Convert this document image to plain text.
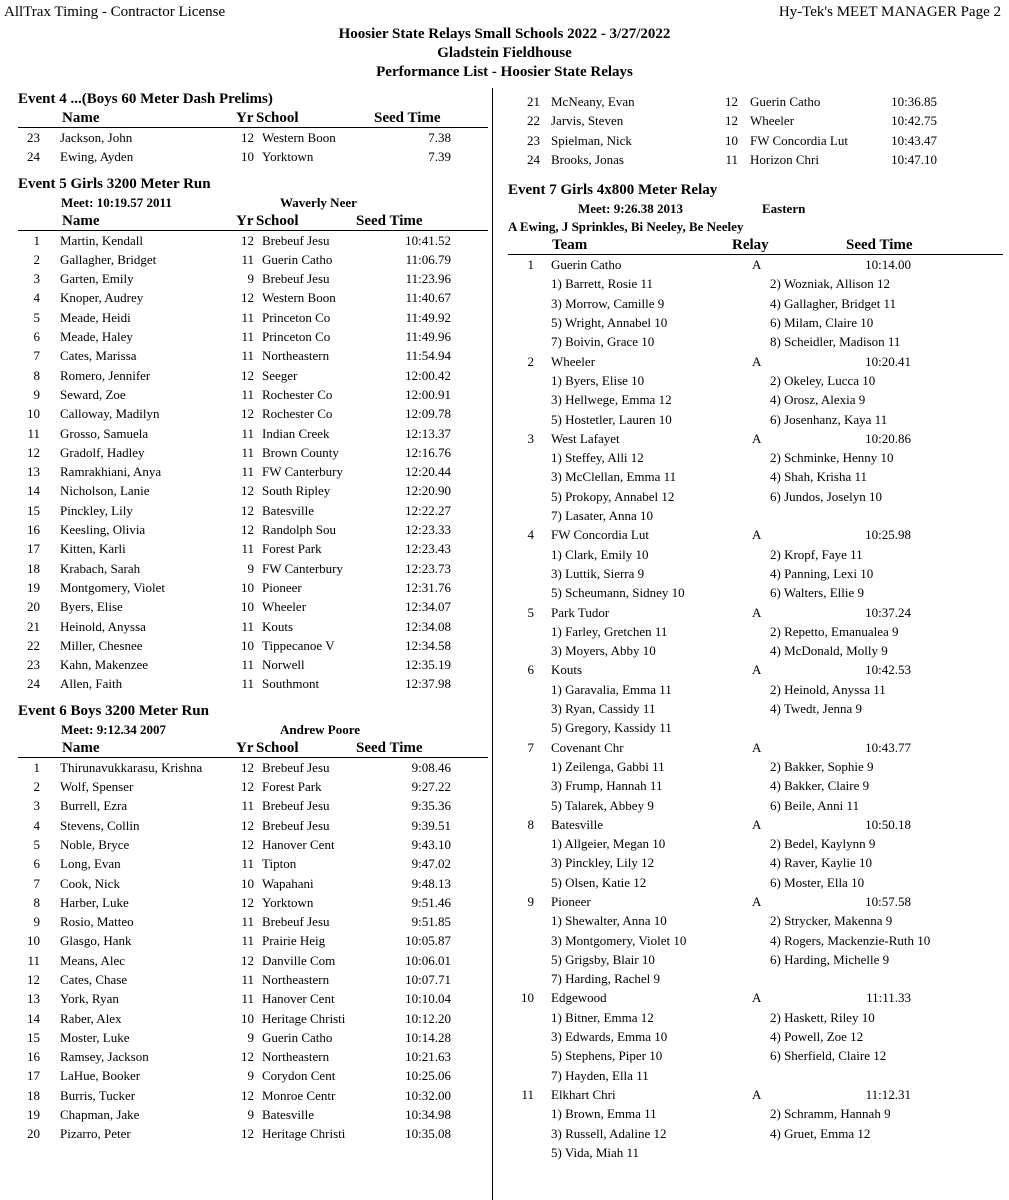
AllTrax Timing - Contractor License	Hy-Tek's MEET MANAGER Page 2
Hoosier State Relays Small Schools 2022 - 3/27/2022
Gladstein Fieldhouse
Performance List - Hoosier State Relays
Event 4 ...(Boys 60 Meter Dash Prelims)
Name	Yr School	Seed Time
23 Jackson, John	12 Western Boon	7.38
24 Ewing, Ayden	10 Yorktown	7.39
Event 5 Girls 3200 Meter Run
Meet: 10:19.57 2011	Waverly Neer
Name	Yr School	Seed Time
1 Martin, Kendall	12 Brebeuf Jesu	10:41.52
2 Gallagher, Bridget	11 Guerin Catho	11:06.79
3 Garten, Emily	9 Brebeuf Jesu	11:23.96
4 Knoper, Audrey	12 Western Boon	11:40.67
5 Meade, Heidi	11 Princeton Co	11:49.92
6 Meade, Haley	11 Princeton Co	11:49.96
7 Cates, Marissa	11 Northeastern	11:54.94
8 Romero, Jennifer	12 Seeger	12:00.42
9 Seward, Zoe	11 Rochester Co	12:00.91
10 Calloway, Madilyn	12 Rochester Co	12:09.78
11 Grosso, Samuela	11 Indian Creek	12:13.37
12 Gradolf, Hadley	11 Brown County	12:16.76
13 Ramrakhiani, Anya	11 FW Canterbury	12:20.44
14 Nicholson, Lanie	12 South Ripley	12:20.90
15 Pinckley, Lily	12 Batesville	12:22.27
16 Keesling, Olivia	12 Randolph Sou	12:23.33
17 Kitten, Karli	11 Forest Park	12:23.43
18 Krabach, Sarah	9 FW Canterbury	12:23.73
19 Montgomery, Violet	10 Pioneer	12:31.76
20 Byers, Elise	10 Wheeler	12:34.07
21 Heinold, Anyssa	11 Kouts	12:34.08
22 Miller, Chesnee	10 Tippecanoe V	12:34.58
23 Kahn, Makenzee	11 Norwell	12:35.19
24 Allen, Faith	11 Southmont	12:37.98
Event 6 Boys 3200 Meter Run
Meet: 9:12.34 2007	Andrew Poore
Name	Yr School	Seed Time
1 Thirunavukkarasu, Krishna	12 Brebeuf Jesu	9:08.46
2 Wolf, Spenser	12 Forest Park	9:27.22
3 Burrell, Ezra	11 Brebeuf Jesu	9:35.36
4 Stevens, Collin	12 Brebeuf Jesu	9:39.51
5 Noble, Bryce	12 Hanover Cent	9:43.10
6 Long, Evan	11 Tipton	9:47.02
7 Cook, Nick	10 Wapahani	9:48.13
8 Harber, Luke	12 Yorktown	9:51.46
9 Rosio, Matteo	11 Brebeuf Jesu	9:51.85
10 Glasgo, Hank	11 Prairie Heig	10:05.87
11 Means, Alec	12 Danville Com	10:06.01
12 Cates, Chase	11 Northeastern	10:07.71
13 York, Ryan	11 Hanover Cent	10:10.04
14 Raber, Alex	10 Heritage Christi	10:12.20
15 Moster, Luke	9 Guerin Catho	10:14.28
16 Ramsey, Jackson	12 Northeastern	10:21.63
17 LaHue, Booker	9 Corydon Cent	10:25.06
18 Burris, Tucker	12 Monroe Centr	10:32.00
19 Chapman, Jake	9 Batesville	10:34.98
20 Pizarro, Peter	12 Heritage Christi	10:35.08
21 McNeany, Evan	12 Guerin Catho	10:36.85
22 Jarvis, Steven	12 Wheeler	10:42.75
23 Spielman, Nick	10 FW Concordia Lut	10:43.47
24 Brooks, Jonas	11 Horizon Chri	10:47.10
Event 7 Girls 4x800 Meter Relay
Meet: 9:26.38 2013	Eastern
A Ewing, J Sprinkles, Bi Neeley, Be Neeley
Team	Relay	Seed Time
1 Guerin Catho	A	10:14.00
1) Barrett, Rosie 11	2) Wozniak, Allison 12
3) Morrow, Camille 9	4) Gallagher, Bridget 11
5) Wright, Annabel 10	6) Milam, Claire 10
7) Boivin, Grace 10	8) Scheidler, Madison 11
2 Wheeler	A	10:20.41
1) Byers, Elise 10	2) Okeley, Lucca 10
3) Hellwege, Emma 12	4) Orosz, Alexia 9
5) Hostetler, Lauren 10	6) Josenhanz, Kaya 11
3 West Lafayet	A	10:20.86
1) Steffey, Alli 12	2) Schminke, Henny 10
3) McClellan, Emma 11	4) Shah, Krisha 11
5) Prokopy, Annabel 12	6) Jundos, Joselyn 10
7) Lasater, Anna 10
4 FW Concordia Lut	A	10:25.98
1) Clark, Emily 10	2) Kropf, Faye 11
3) Luttik, Sierra 9	4) Panning, Lexi 10
5) Scheumann, Sidney 10	6) Walters, Ellie 9
5 Park Tudor	A	10:37.24
1) Farley, Gretchen 11	2) Repetto, Emanualea 9
3) Moyers, Abby 10	4) McDonald, Molly 9
6 Kouts	A	10:42.53
1) Garavalia, Emma 11	2) Heinold, Anyssa 11
3) Ryan, Cassidy 11	4) Twedt, Jenna 9
5) Gregory, Kassidy 11
7 Covenant Chr	A	10:43.77
1) Zeilenga, Gabbi 11	2) Bakker, Sophie 9
3) Frump, Hannah 11	4) Bakker, Claire 9
5) Talarek, Abbey 9	6) Beile, Anni 11
8 Batesville	A	10:50.18
1) Allgeier, Megan 10	2) Bedel, Kaylynn 9
3) Pinckley, Lily 12	4) Raver, Kaylie 10
5) Olsen, Katie 12	6) Moster, Ella 10
9 Pioneer	A	10:57.58
1) Shewalter, Anna 10	2) Strycker, Makenna 9
3) Montgomery, Violet 10	4) Rogers, Mackenzie-Ruth 10
5) Grigsby, Blair 10	6) Harding, Michelle 9
7) Harding, Rachel 9
10 Edgewood	A	11:11.33
1) Bitner, Emma 12	2) Haskett, Riley 10
3) Edwards, Emma 10	4) Powell, Zoe 12
5) Stephens, Piper 10	6) Sherfield, Claire 12
7) Hayden, Ella 11
11 Elkhart Chri	A	11:12.31
1) Brown, Emma 11	2) Schramm, Hannah 9
3) Russell, Adaline 12	4) Gruet, Emma 12
5) Vida, Miah 11
